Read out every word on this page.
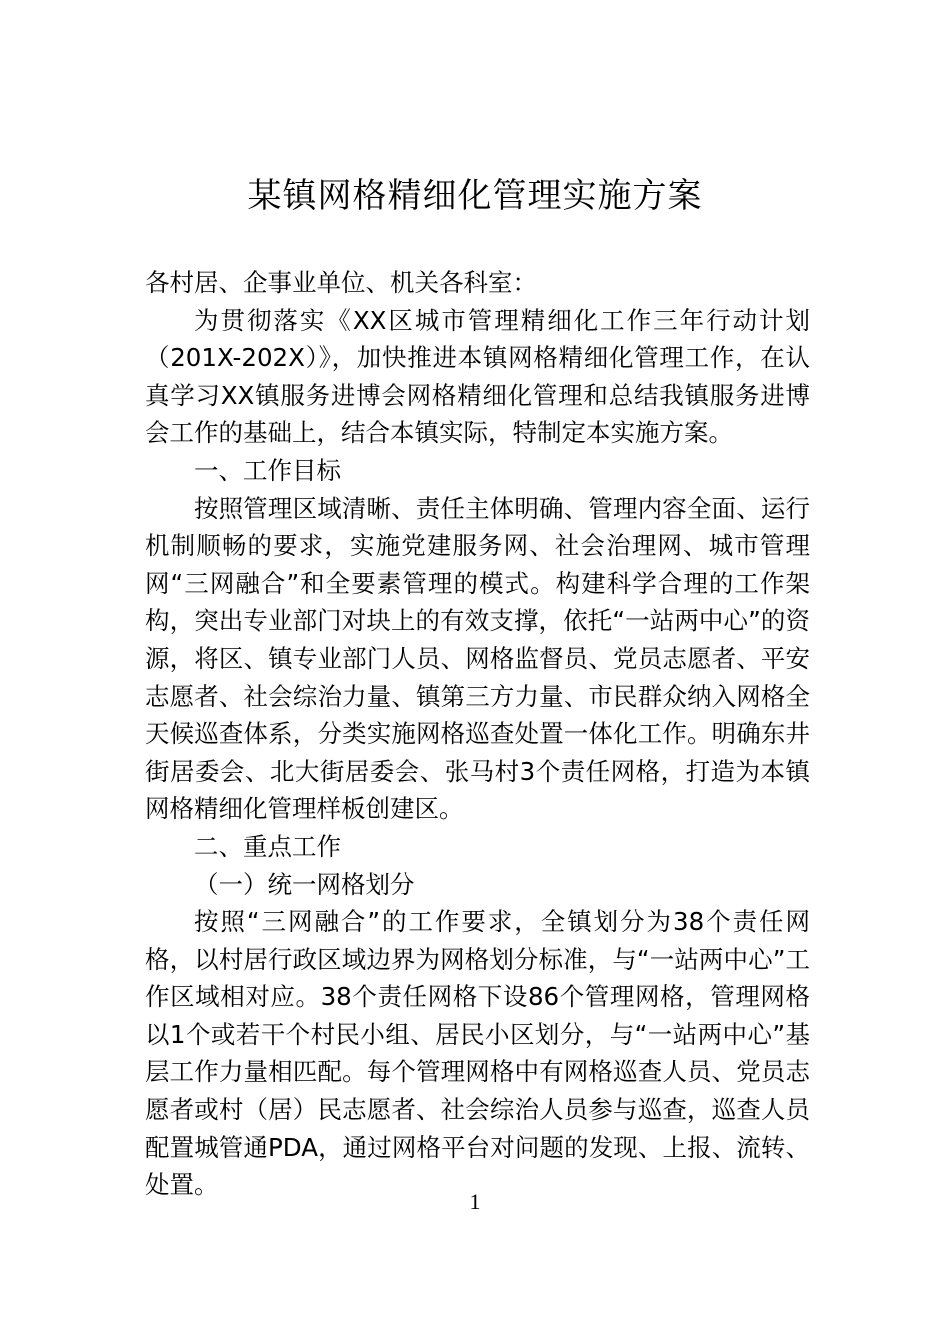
某镇网格精细化管理实施方案

各村居、企事业单位、机关各科室：

为贯彻落实《XX区城市管理精细化工作三年行动计划（201X-202X）》，加快推进本镇网格精细化管理工作，在认真学习XX镇服务进博会网格精细化管理和总结我镇服务进博会工作的基础上，结合本镇实际，特制定本实施方案。

一、工作目标

按照管理区域清晰、责任主体明确、管理内容全面、运行机制顺畅的要求，实施党建服务网、社会治理网、城市管理网“三网融合”和全要素管理的模式。构建科学合理的工作架构，突出专业部门对块上的有效支撑，依托“一站两中心”的资源，将区、镇专业部门人员、网格监督员、党员志愿者、平安志愿者、社会综治力量、镇第三方力量、市民群众纳入网格全天候巡查体系，分类实施网格巡查处置一体化工作。明确东井街居委会、北大街居委会、张马村3个责任网格，打造为本镇网格精细化管理样板创建区。

二、重点工作

（一）统一网格划分

按照“三网融合”的工作要求，全镇划分为38个责任网格，以村居行政区域边界为网格划分标准，与“一站两中心”工作区域相对应。38个责任网格下设86个管理网格，管理网格以1个或若干个村民小组、居民小区划分，与“一站两中心”基层工作力量相匹配。每个管理网格中有网格巡查人员、党员志愿者或村（居）民志愿者、社会综治人员参与巡查，巡查人员配置城管通PDA，通过网格平台对问题的发现、上报、流转、处置。

1
